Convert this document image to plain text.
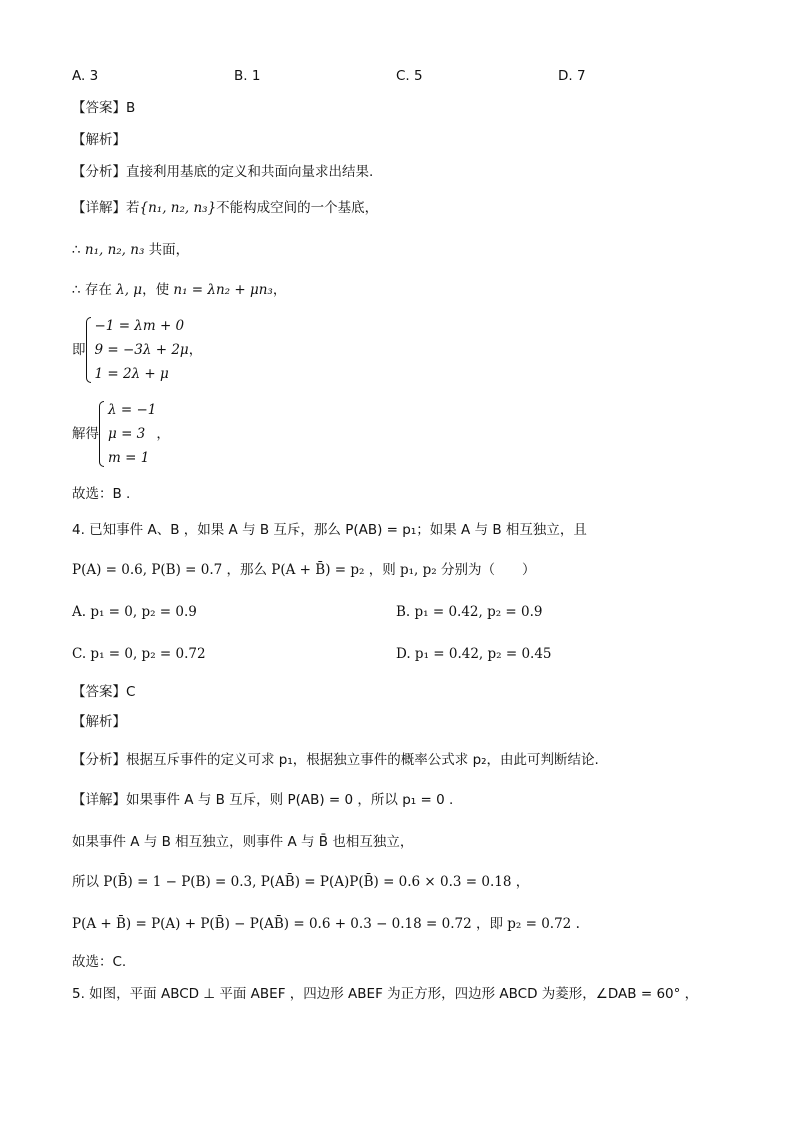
A. 3	B. 1	C. 5	D. 7
【答案】B
【解析】
【分析】直接利用基底的定义和共面向量求出结果.
【详解】若{n₁, n₂, n₃}不能构成空间的一个基底，
∴ n₁, n₂, n₃ 共面，
∴ 存在 λ, μ，使 n₁ = λn₂ + μn₃，
即
−1 = λm + 0
9 = −3λ + 2μ
1 = 2λ + μ
，
解得
λ = −1
μ = 3
m = 1
，
故选：B .
4. 已知事件 A、B ，如果 A 与 B 互斥，那么 P(AB) = p₁；如果 A 与 B 相互独立，且
P(A) = 0.6, P(B) = 0.7 ，那么 P(A + B̄) = p₂ ，则 p₁, p₂ 分别为（　　）
A. p₁ = 0, p₂ = 0.9	B. p₁ = 0.42, p₂ = 0.9
C. p₁ = 0, p₂ = 0.72	D. p₁ = 0.42, p₂ = 0.45
【答案】C
【解析】
【分析】根据互斥事件的定义可求 p₁，根据独立事件的概率公式求 p₂，由此可判断结论.
【详解】如果事件 A 与 B 互斥，则 P(AB) = 0 ，所以 p₁ = 0 .
如果事件 A 与 B 相互独立，则事件 A 与 B̄ 也相互独立，
所以 P(B̄) = 1 − P(B) = 0.3, P(AB̄) = P(A)P(B̄) = 0.6 × 0.3 = 0.18 ，
P(A + B̄) = P(A) + P(B̄) − P(AB̄) = 0.6 + 0.3 − 0.18 = 0.72 ，即 p₂ = 0.72 .
故选：C.
5. 如图，平面 ABCD ⊥ 平面 ABEF ，四边形 ABEF 为正方形，四边形 ABCD 为菱形，∠DAB = 60° ，
